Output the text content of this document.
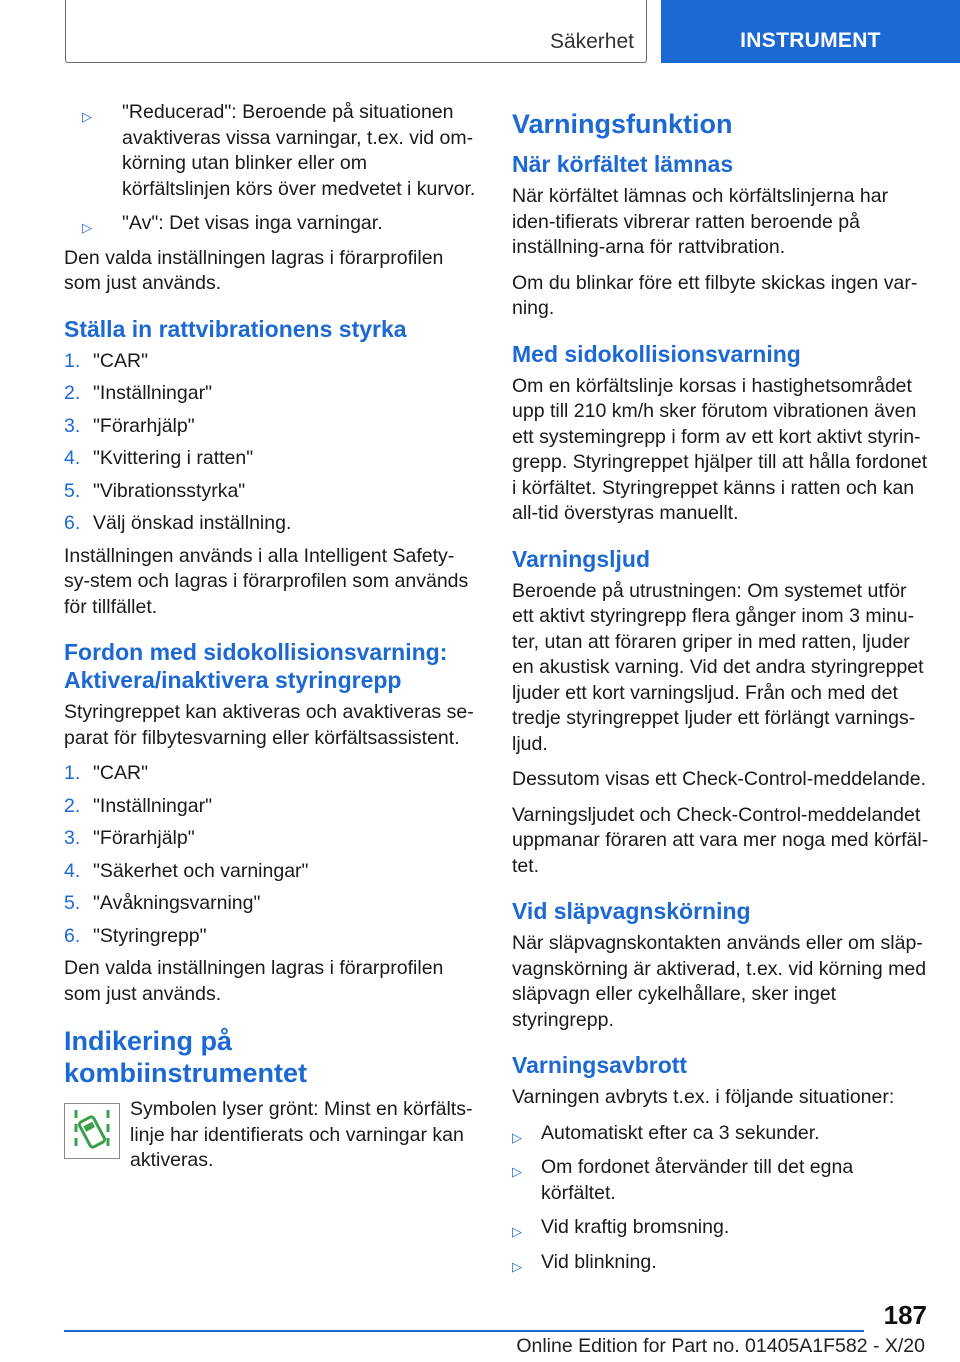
Säkerhet	INSTRUMENT
▷ "Reducerad": Beroende på situationen avaktiveras vissa varningar, t.ex. vid om-körning utan blinker eller om körfältslinjen körs över medvetet i kurvor.
▷ "Av": Det visas inga varningar.

Den valda inställningen lagras i förarprofilen som just används.

Ställa in rattvibrationens styrka
1. "CAR"
2. "Inställningar"
3. "Förarhjälp"
4. "Kvittering i ratten"
5. "Vibrationsstyrka"
6. Välj önskad inställning.

Inställningen används i alla Intelligent Safety-sy-stem och lagras i förarprofilen som används för tillfället.

Fordon med sidokollisionsvarning: Aktivera/inaktivera styringrepp

Styringreppet kan aktiveras och avaktiveras se-parat för filbytesvarning eller körfältsassistent.

1. "CAR"
2. "Inställningar"
3. "Förarhjälp"
4. "Säkerhet och varningar"
5. "Avåkningsvarning"
6. "Styringrepp"

Den valda inställningen lagras i förarprofilen som just används.

Indikering på kombiinstrumentet

Symbolen lyser grönt: Minst en körfälts-linje har identifierats och varningar kan aktiveras.

Varningsfunktion
När körfältet lämnas

När körfältet lämnas och körfältslinjerna har iden-tifierats vibrerar ratten beroende på inställning-arna för rattvibration.

Om du blinkar före ett filbyte skickas ingen var-ning.

Med sidokollisionsvarning

Om en körfältslinje korsas i hastighetsområdet upp till 210 km/h sker förutom vibrationen även ett systemingrepp i form av ett kort aktivt styrin-grepp. Styringreppet hjälper till att hålla fordonet i körfältet. Styringreppet känns i ratten och kan all-tid överstyras manuellt.

Varningsljud

Beroende på utrustningen: Om systemet utför ett aktivt styringrepp flera gånger inom 3 minu-ter, utan att föraren griper in med ratten, ljuder en akustisk varning. Vid det andra styringreppet ljuder ett kort varningsljud. Från och med det tredje styringreppet ljuder ett förlängt varnings-ljud.

Dessutom visas ett Check-Control-meddelande.

Varningsljudet och Check-Control-meddelandet uppmanar föraren att vara mer noga med körfäl-tet.

Vid släpvagnskörning

När släpvagnskontakten används eller om släp-vagnskörning är aktiverad, t.ex. vid körning med släpvagn eller cykelhållare, sker inget styringrepp.

Varningsavbrott

Varningen avbryts t.ex. i följande situationer:

▷ Automatiskt efter ca 3 sekunder.
▷ Om fordonet återvänder till det egna körfältet.
▷ Vid kraftig bromsning.
▷ Vid blinkning.
187
Online Edition for Part no. 01405A1F582 - X/20
